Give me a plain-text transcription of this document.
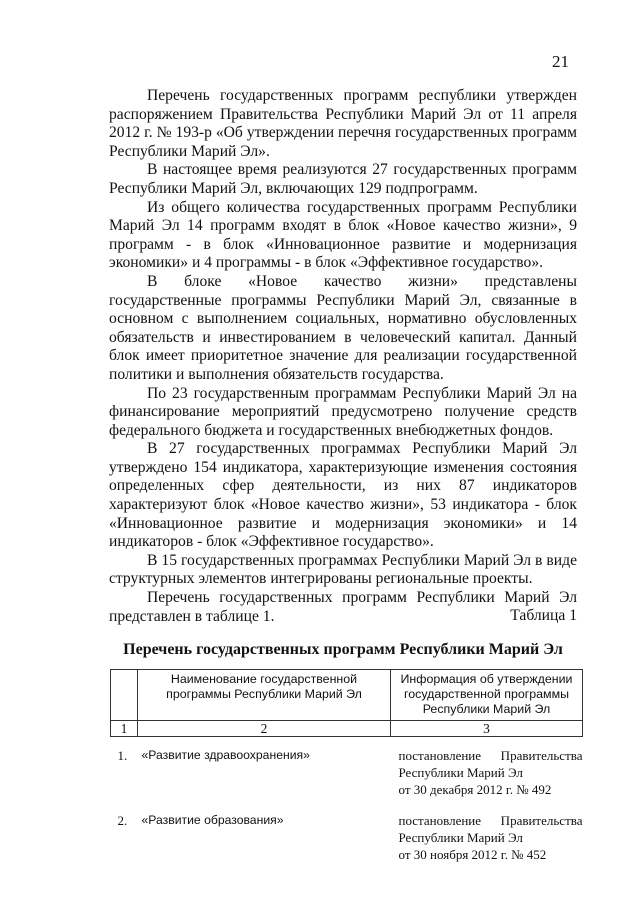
21

Перечень государственных программ республики утвержден распоряжением Правительства Республики Марий Эл от 11 апреля 2012 г. № 193-р «Об утверждении перечня государственных программ Республики Марий Эл».

В настоящее время реализуются 27 государственных программ Республики Марий Эл, включающих 129 подпрограмм.

Из общего количества государственных программ Республики Марий Эл 14 программ входят в блок «Новое качество жизни», 9 программ - в блок «Инновационное развитие и модернизация экономики» и 4 программы - в блок «Эффективное государство».

В блоке «Новое качество жизни» представлены государственные программы Республики Марий Эл, связанные в основном с выполнением социальных, нормативно обусловленных обязательств и инвестированием в человеческий капитал. Данный блок имеет приоритетное значение для реализации государственной политики и выполнения обязательств государства.

По 23 государственным программам Республики Марий Эл на финансирование мероприятий предусмотрено получение средств федерального бюджета и государственных внебюджетных фондов.

В 27 государственных программах Республики Марий Эл утверждено 154 индикатора, характеризующие изменения состояния определенных сфер деятельности, из них 87 индикаторов характеризуют блок «Новое качество жизни», 53 индикатора - блок «Инновационное развитие и модернизация экономики» и 14 индикаторов - блок «Эффективное государство».

В 15 государственных программах Республики Марий Эл в виде структурных элементов интегрированы региональные проекты.

Перечень государственных программ Республики Марий Эл представлен в таблице 1.	Таблица 1
Перечень государственных программ Республики Марий Эл
	Наименование государственной программы Республики Марий Эл	Информация об утверждении государственной программы Республики Марий Эл
1	2	3
1.	«Развитие здравоохранения»	постановление Правительства Республики Марий Эл
от 30 декабря 2012 г. № 492

2.	«Развитие образования»	постановление Правительства Республики Марий Эл
от 30 ноября 2012 г. № 452
